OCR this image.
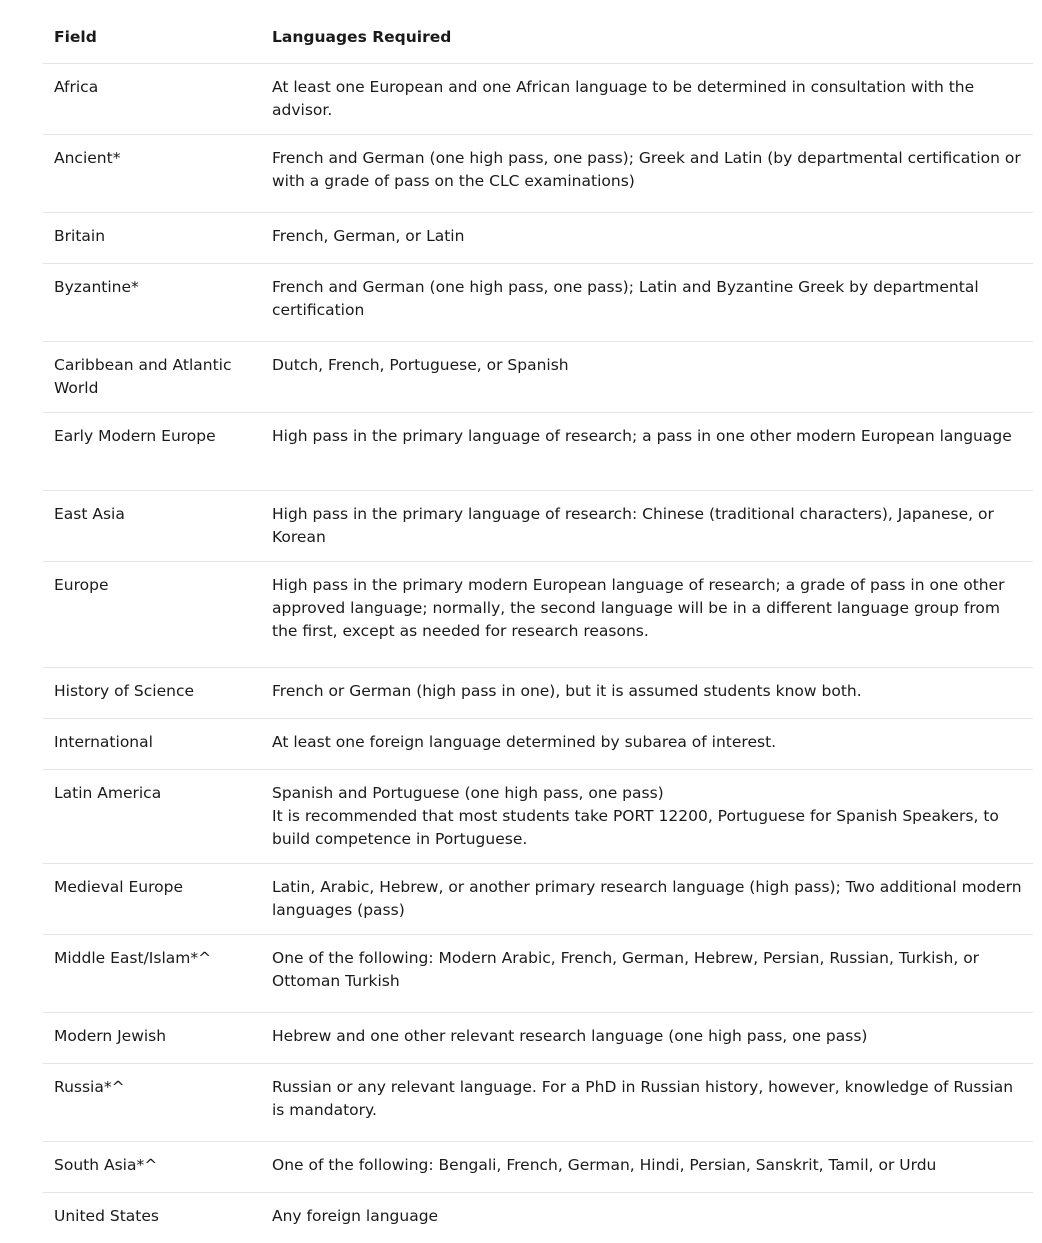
Field	Languages Required
Africa	At least one European and one African language to be determined in consultation with the advisor.

Ancient*	French and German (one high pass, one pass); Greek and Latin (by departmental certification or with a grade of pass on the CLC examinations)

Britain	French, German, or Latin

Byzantine*	French and German (one high pass, one pass); Latin and Byzantine Greek by departmental certification

Caribbean and Atlantic World	Dutch, French, Portuguese, or Spanish

Early Modern Europe	High pass in the primary language of research; a pass in one other modern European language

East Asia	High pass in the primary language of research: Chinese (traditional characters), Japanese, or Korean

Europe	High pass in the primary modern European language of research; a grade of pass in one other approved language; normally, the second language will be in a different language group from the first, except as needed for research reasons.

History of Science	French or German (high pass in one), but it is assumed students know both.

International	At least one foreign language determined by subarea of interest.

Latin America	Spanish and Portuguese (one high pass, one pass)
It is recommended that most students take PORT 12200, Portuguese for Spanish Speakers, to build competence in Portuguese.

Medieval Europe	Latin, Arabic, Hebrew, or another primary research language (high pass); Two additional modern languages (pass)

Middle East/Islam*^	One of the following: Modern Arabic, French, German, Hebrew, Persian, Russian, Turkish, or Ottoman Turkish

Modern Jewish	Hebrew and one other relevant research language (one high pass, one pass)

Russia*^	Russian or any relevant language. For a PhD in Russian history, however, knowledge of Russian is mandatory.

South Asia*^	One of the following: Bengali, French, German, Hindi, Persian, Sanskrit, Tamil, or Urdu

United States	Any foreign language
